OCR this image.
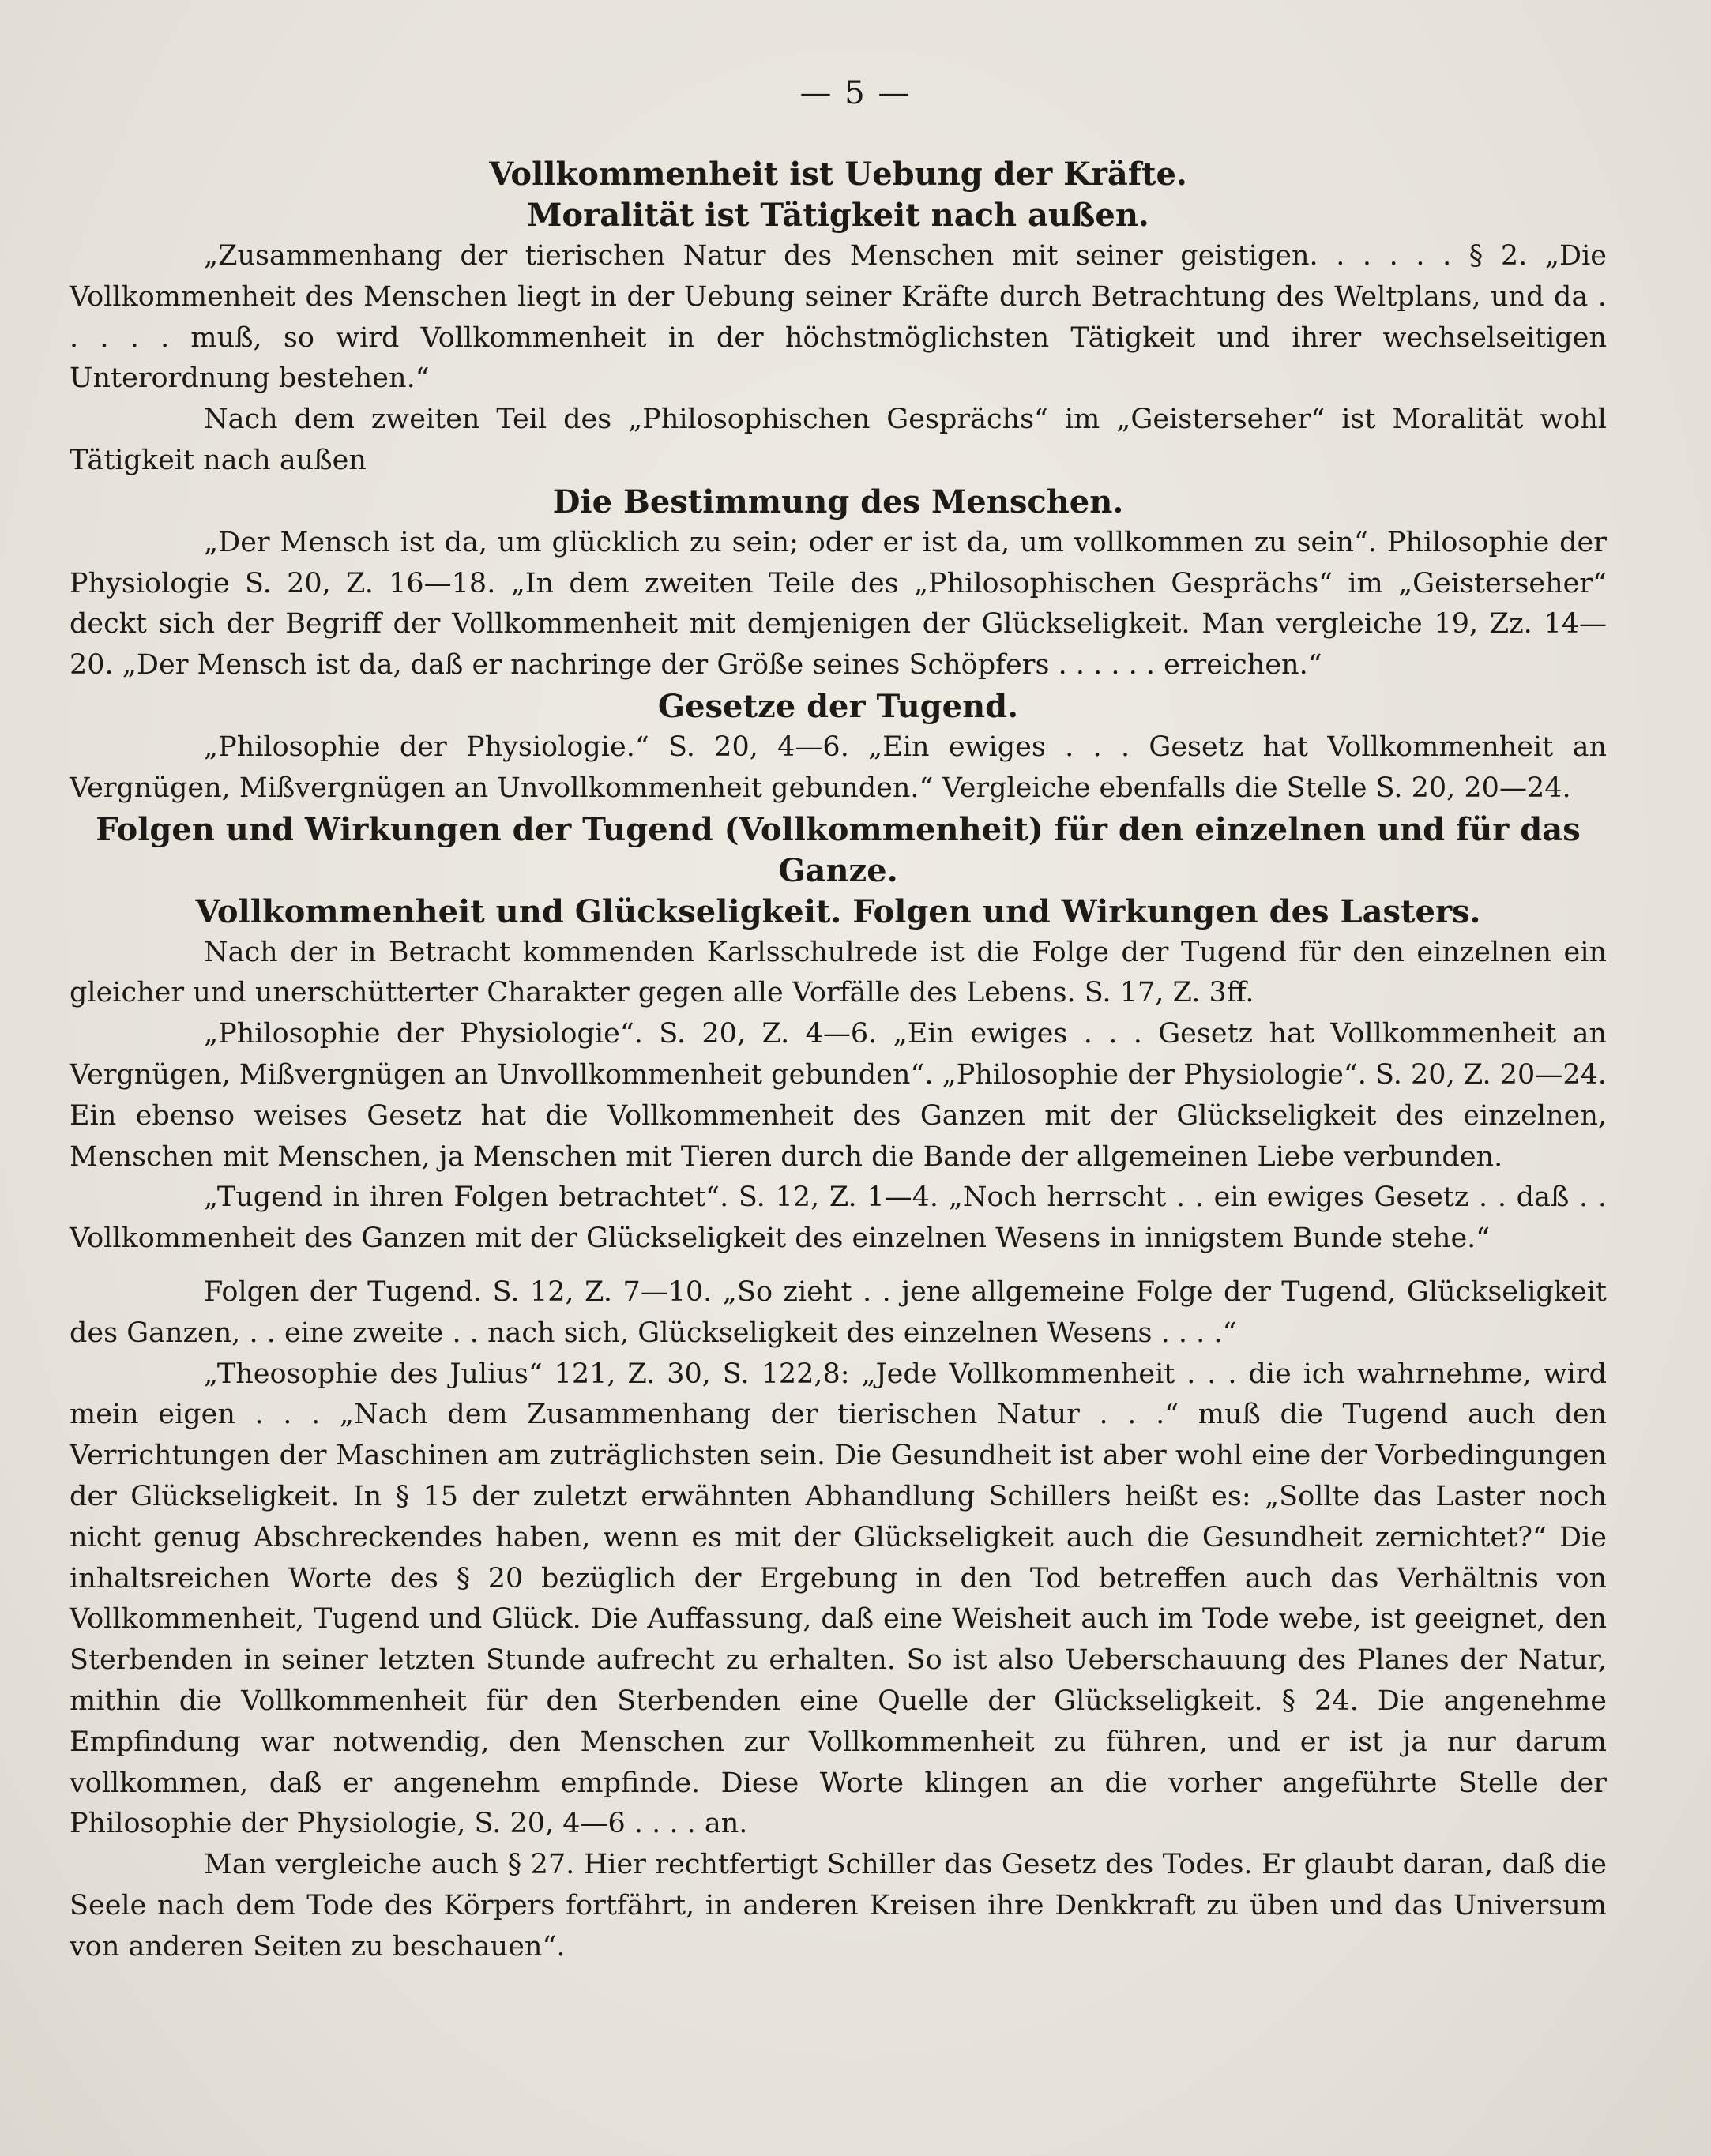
— 5 —
Vollkommenheit ist Uebung der Kräfte.
Moralität ist Tätigkeit nach außen.

„Zusammenhang der tierischen Natur des Menschen mit seiner geistigen. . . . . . § 2. „Die Vollkommenheit des Menschen liegt in der Uebung seiner Kräfte durch Betrachtung des Weltplans, und da . . . . . muß, so wird Vollkommenheit in der höchstmöglichsten Tätigkeit und ihrer wechselseitigen Unterordnung bestehen.“

Nach dem zweiten Teil des „Philosophischen Gesprächs“ im „Geisterseher“ ist Moralität wohl Tätigkeit nach außen

Die Bestimmung des Menschen.

„Der Mensch ist da, um glücklich zu sein; oder er ist da, um vollkommen zu sein“. Philosophie der Physiologie S. 20, Z. 16—18. „In dem zweiten Teile des „Philosophischen Gesprächs“ im „Geisterseher“ deckt sich der Begriff der Vollkommenheit mit demjenigen der Glückseligkeit. Man vergleiche 19, Zz. 14—20. „Der Mensch ist da, daß er nachringe der Größe seines Schöpfers . . . . . . erreichen.“

Gesetze der Tugend.

„Philosophie der Physiologie.“ S. 20, 4—6. „Ein ewiges . . . Gesetz hat Vollkommenheit an Vergnügen, Mißvergnügen an Unvollkommenheit gebunden.“ Vergleiche ebenfalls die Stelle S. 20, 20—24.

Folgen und Wirkungen der Tugend (Vollkommenheit) für den einzelnen und für das Ganze.
Vollkommenheit und Glückseligkeit. Folgen und Wirkungen des Lasters.

Nach der in Betracht kommenden Karlsschulrede ist die Folge der Tugend für den einzelnen ein gleicher und unerschütterter Charakter gegen alle Vorfälle des Lebens. S. 17, Z. 3ff.

„Philosophie der Physiologie“. S. 20, Z. 4—6. „Ein ewiges . . . Gesetz hat Vollkommenheit an Vergnügen, Mißvergnügen an Unvollkommenheit gebunden“. „Philosophie der Physiologie“. S. 20, Z. 20—24. Ein ebenso weises Gesetz hat die Vollkommenheit des Ganzen mit der Glückseligkeit des einzelnen, Menschen mit Menschen, ja Menschen mit Tieren durch die Bande der allgemeinen Liebe verbunden.

„Tugend in ihren Folgen betrachtet“. S. 12, Z. 1—4. „Noch herrscht . . ein ewiges Gesetz . . daß . . Vollkommenheit des Ganzen mit der Glückseligkeit des einzelnen Wesens in innigstem Bunde stehe.“

Folgen der Tugend. S. 12, Z. 7—10. „So zieht . . jene allgemeine Folge der Tugend, Glückseligkeit des Ganzen, . . eine zweite . . nach sich, Glückseligkeit des einzelnen Wesens . . . .“

„Theosophie des Julius“ 121, Z. 30, S. 122,8: „Jede Vollkommenheit . . . die ich wahrnehme, wird mein eigen . . . „Nach dem Zusammenhang der tierischen Natur . . .“ muß die Tugend auch den Verrichtungen der Maschinen am zuträglichsten sein. Die Gesundheit ist aber wohl eine der Vorbedingungen der Glückseligkeit. In § 15 der zuletzt erwähnten Abhandlung Schillers heißt es: „Sollte das Laster noch nicht genug Abschreckendes haben, wenn es mit der Glückseligkeit auch die Gesundheit zernichtet?“ Die inhaltsreichen Worte des § 20 bezüglich der Ergebung in den Tod betreffen auch das Verhältnis von Vollkommenheit, Tugend und Glück. Die Auffassung, daß eine Weisheit auch im Tode webe, ist geeignet, den Sterbenden in seiner letzten Stunde aufrecht zu erhalten. So ist also Ueberschauung des Planes der Natur, mithin die Vollkommenheit für den Sterbenden eine Quelle der Glückseligkeit. § 24. Die angenehme Empfindung war notwendig, den Menschen zur Vollkommenheit zu führen, und er ist ja nur darum vollkommen, daß er angenehm empfinde. Diese Worte klingen an die vorher angeführte Stelle der Philosophie der Physiologie, S. 20, 4—6 . . . . an.

Man vergleiche auch § 27. Hier rechtfertigt Schiller das Gesetz des Todes. Er glaubt daran, daß die Seele nach dem Tode des Körpers fortfährt, in anderen Kreisen ihre Denkkraft zu üben und das Universum von anderen Seiten zu beschauen“.
